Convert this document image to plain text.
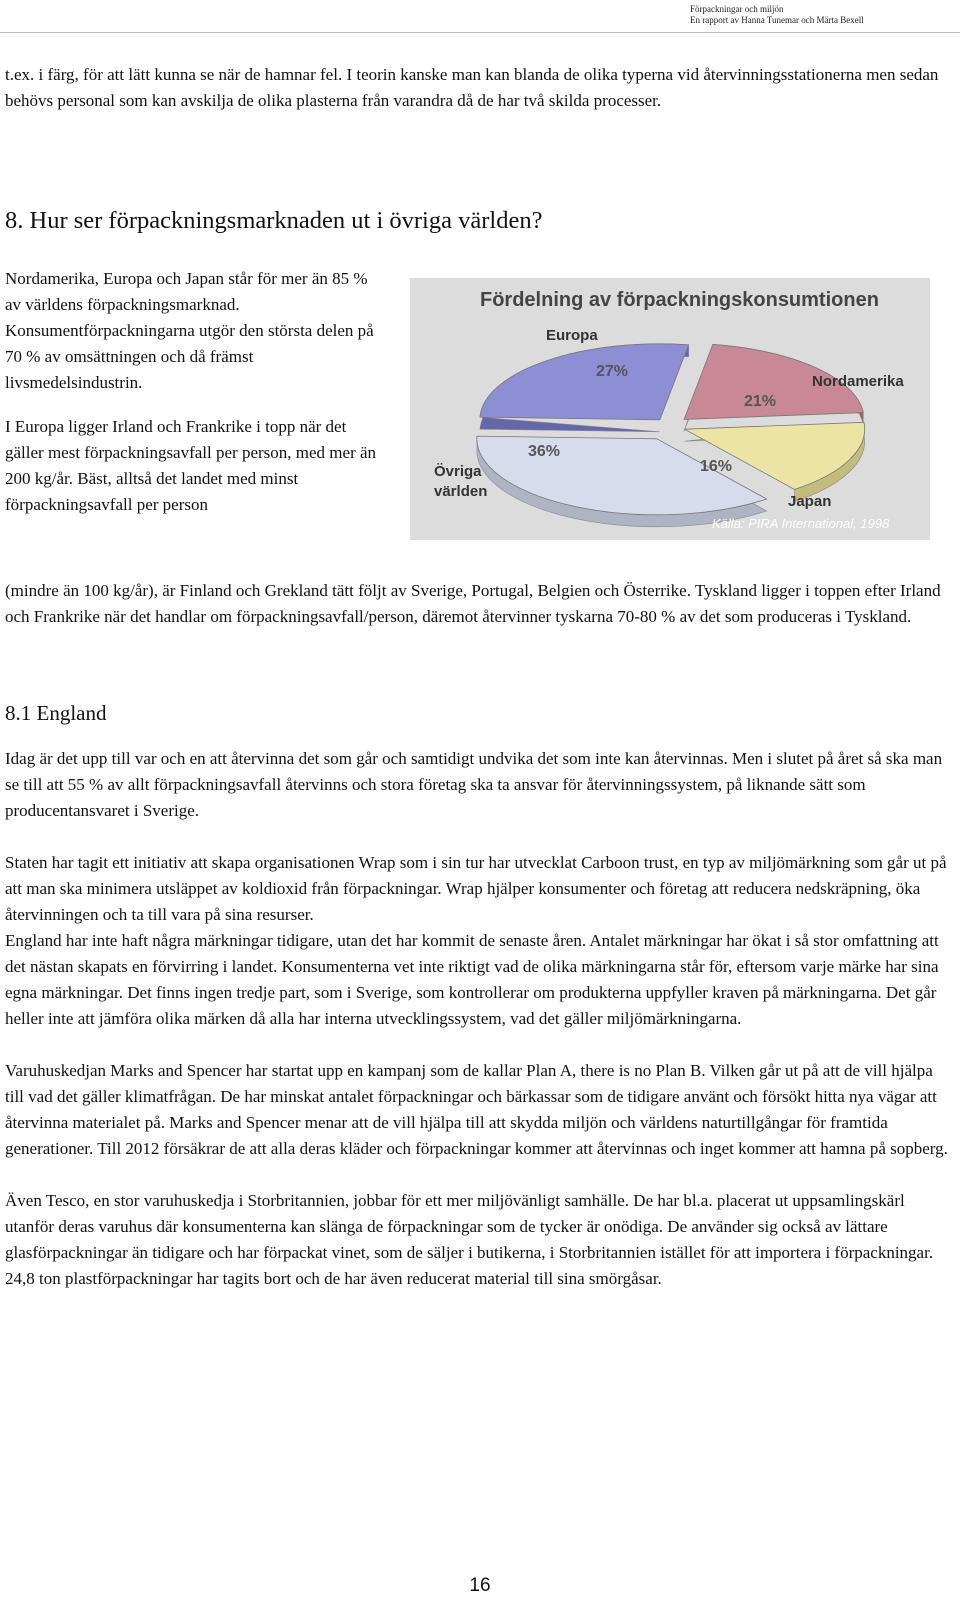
Förpackningar och miljön
En rapport av Hanna Tunemar och Märta Bexell

t.ex. i färg, för att lätt kunna se när de hamnar fel. I teorin kanske man kan blanda de olika typerna vid återvinningsstationerna men sedan behövs personal som kan avskilja de olika plasterna från varandra då de har två skilda processer.

8. Hur ser förpackningsmarknaden ut i övriga världen?

Nordamerika, Europa och Japan står för mer än 85 % av världens förpackningsmarknad. Konsumentförpackningarna utgör den största delen på 70 % av omsättningen och då främst livsmedelsindustrin.

I Europa ligger Irland och Frankrike i topp när det gäller mest förpackningsavfall per person, med mer än 200 kg/år. Bäst, alltså det landet med minst förpackningsavfall per person

(mindre än 100 kg/år), är Finland och Grekland tätt följt av Sverige, Portugal, Belgien och Österrike. Tyskland ligger i toppen efter Irland och Frankrike när det handlar om förpackningsavfall/person, däremot återvinner tyskarna 70-80 % av det som produceras i Tyskland.

8.1 England

Idag är det upp till var och en att återvinna det som går och samtidigt undvika det som inte kan återvinnas. Men i slutet på året så ska man se till att 55 % av allt förpackningsavfall återvinns och stora företag ska ta ansvar för återvinningssystem, på liknande sätt som producentansvaret i Sverige.

Staten har tagit ett initiativ att skapa organisationen Wrap som i sin tur har utvecklat Carboon trust, en typ av miljömärkning som går ut på att man ska minimera utsläppet av koldioxid från förpackningar. Wrap hjälper konsumenter och företag att reducera nedskräpning, öka återvinningen och ta till vara på sina resurser.

England har inte haft några märkningar tidigare, utan det har kommit de senaste åren. Antalet märkningar har ökat i så stor omfattning att det nästan skapats en förvirring i landet. Konsumenterna vet inte riktigt vad de olika märkningarna står för, eftersom varje märke har sina egna märkningar. Det finns ingen tredje part, som i Sverige, som kontrollerar om produkterna uppfyller kraven på märkningarna. Det går heller inte att jämföra olika märken då alla har interna utvecklingssystem, vad det gäller miljömärkningarna.

Varuhuskedjan Marks and Spencer har startat upp en kampanj som de kallar Plan A, there is no Plan B. Vilken går ut på att de vill hjälpa till vad det gäller klimatfrågan. De har minskat antalet förpackningar och bärkassar som de tidigare använt och försökt hitta nya vägar att återvinna materialet på. Marks and Spencer menar att de vill hjälpa till att skydda miljön och världens naturtillgångar för framtida generationer. Till 2012 försäkrar de att alla deras kläder och förpackningar kommer att återvinnas och inget kommer att hamna på sopberg.

Även Tesco, en stor varuhuskedja i Storbritannien, jobbar för ett mer miljövänligt samhälle. De har bl.a. placerat ut uppsamlingskärl utanför deras varuhus där konsumenterna kan slänga de förpackningar som de tycker är onödiga. De använder sig också av lättare glasförpackningar än tidigare och har förpackat vinet, som de säljer i butikerna, i Storbritannien istället för att importera i förpackningar. 24,8 ton plastförpackningar har tagits bort och de har även reducerat material till sina smörgåsar.

Fördelning av förpackningskonsumtionen
Europa
Nordamerika
Japan
Övriga
världen
27%
21%
16%
36%
Källa: PIRA International, 1998
16
